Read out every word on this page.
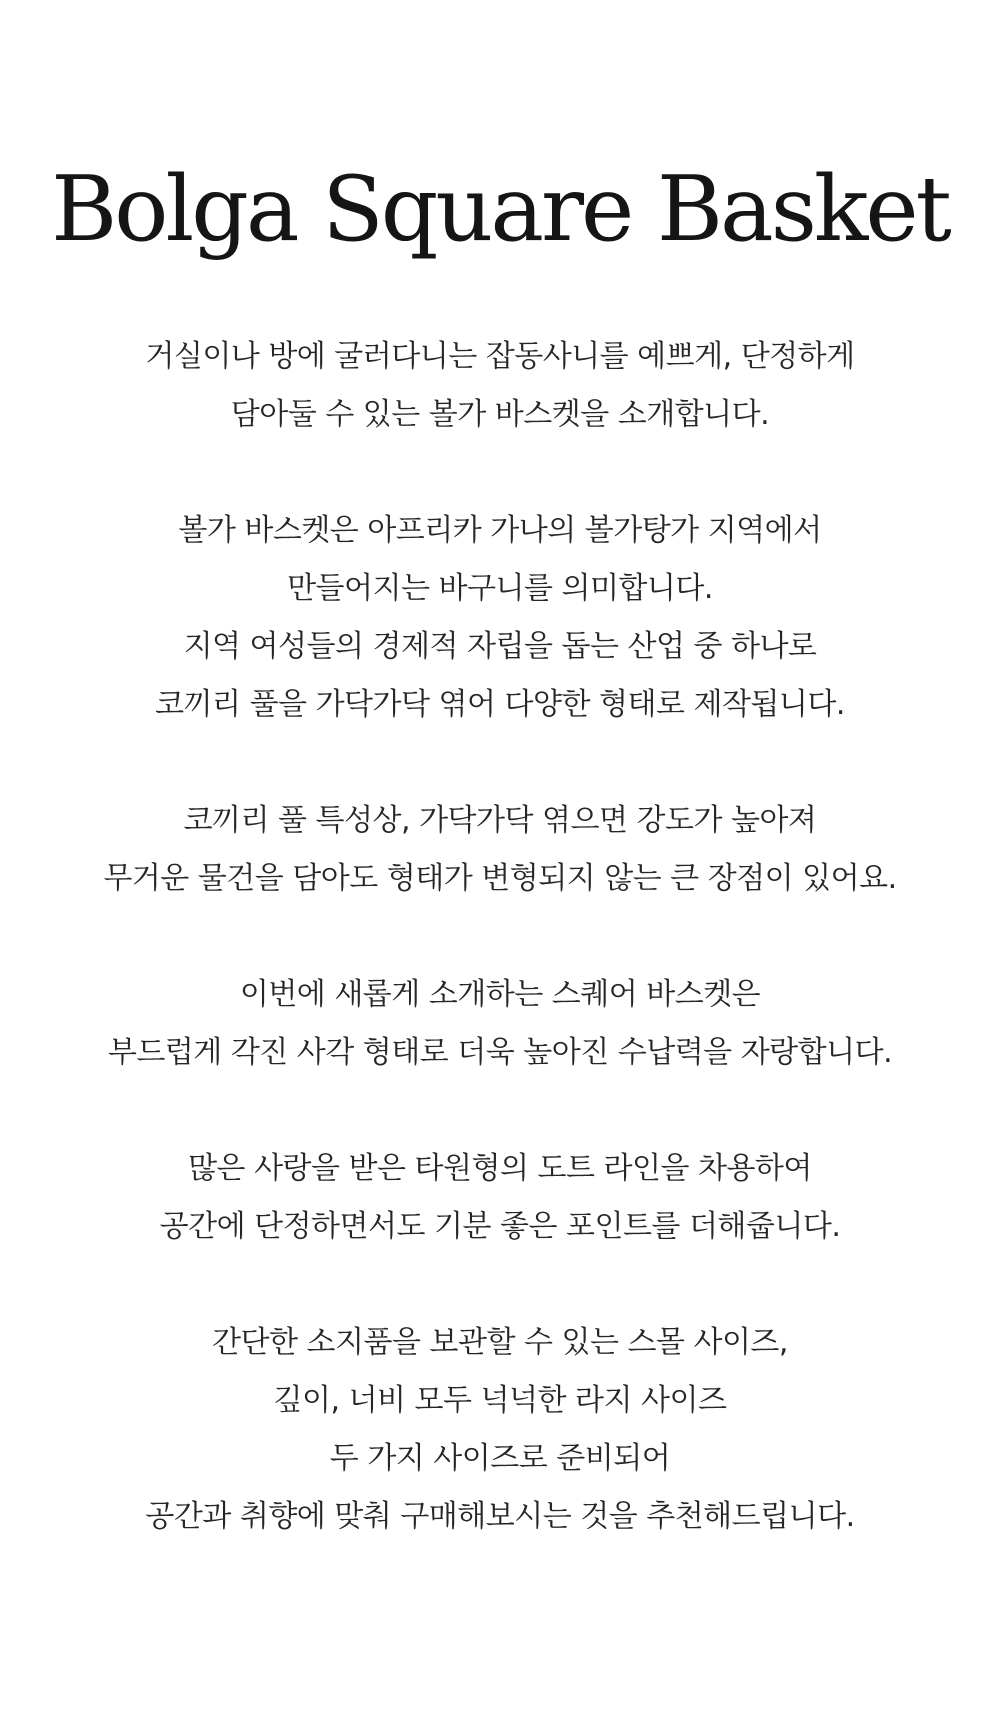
Bolga Square Basket

거실이나 방에 굴러다니는 잡동사니를 예쁘게, 단정하게
담아둘 수 있는 볼가 바스켓을 소개합니다.

볼가 바스켓은 아프리카 가나의 볼가탕가 지역에서
만들어지는 바구니를 의미합니다.
지역 여성들의 경제적 자립을 돕는 산업 중 하나로
코끼리 풀을 가닥가닥 엮어 다양한 형태로 제작됩니다.

코끼리 풀 특성상, 가닥가닥 엮으면 강도가 높아져
무거운 물건을 담아도 형태가 변형되지 않는 큰 장점이 있어요.

이번에 새롭게 소개하는 스퀘어 바스켓은
부드럽게 각진 사각 형태로 더욱 높아진 수납력을 자랑합니다.

많은 사랑을 받은 타원형의 도트 라인을 차용하여
공간에 단정하면서도 기분 좋은 포인트를 더해줍니다.

간단한 소지품을 보관할 수 있는 스몰 사이즈,
깊이, 너비 모두 넉넉한 라지 사이즈
두 가지 사이즈로 준비되어
공간과 취향에 맞춰 구매해보시는 것을 추천해드립니다.
